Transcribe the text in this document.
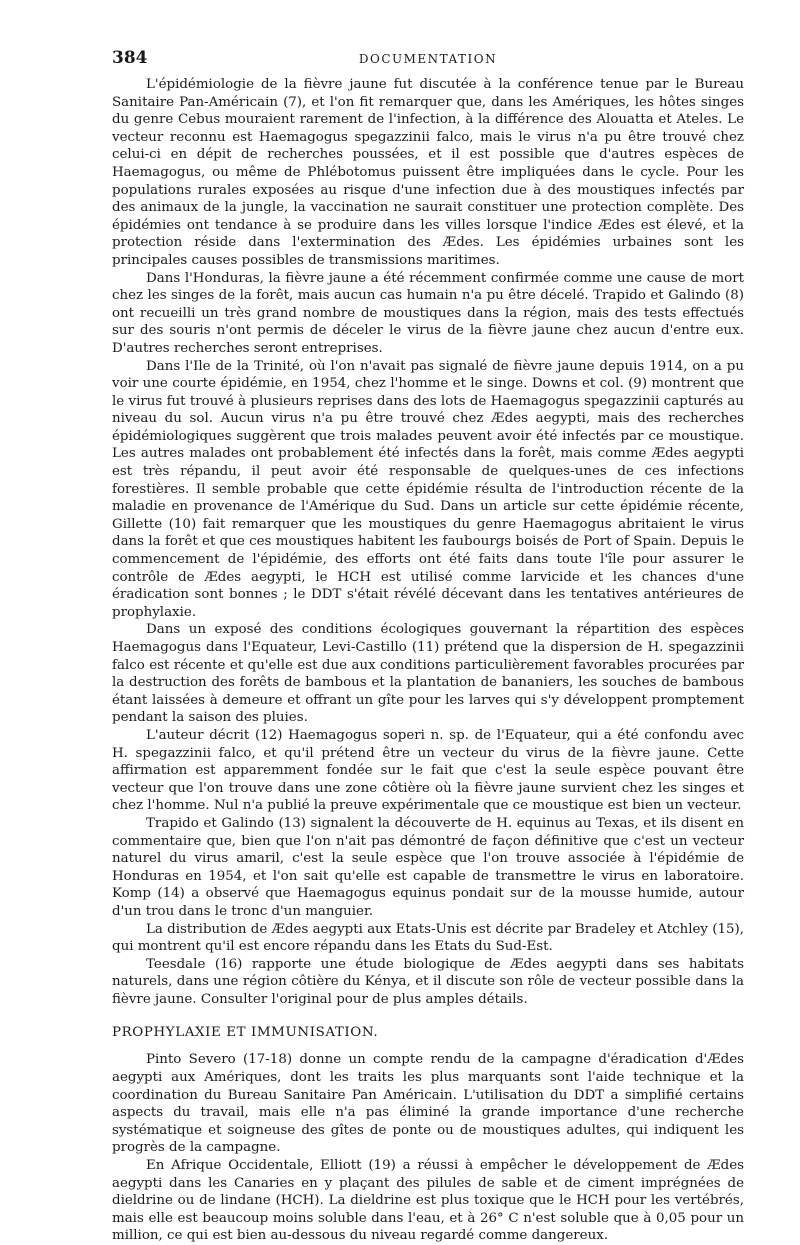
384	DOCUMENTATION

L'épidémiologie de la fièvre jaune fut discutée à la conférence tenue par le Bureau Sanitaire Pan-Américain (7), et l'on fit remarquer que, dans les Amériques, les hôtes singes du genre Cebus mouraient rarement de l'infection, à la différence des Alouatta et Ateles. Le vecteur reconnu est Haemagogus spegazzinii falco, mais le virus n'a pu être trouvé chez celui-ci en dépit de recherches poussées, et il est possible que d'autres espèces de Haemagogus, ou même de Phlébotomus puissent être impliquées dans le cycle. Pour les populations rurales exposées au risque d'une infection due à des moustiques infectés par des animaux de la jungle, la vaccination ne saurait constituer une protection complète. Des épidémies ont tendance à se produire dans les villes lorsque l'indice Ædes est élevé, et la protection réside dans l'extermination des Ædes. Les épidémies urbaines sont les principales causes possibles de transmissions maritimes.

Dans l'Honduras, la fièvre jaune a été récemment confirmée comme une cause de mort chez les singes de la forêt, mais aucun cas humain n'a pu être décelé. Trapido et Galindo (8) ont recueilli un très grand nombre de moustiques dans la région, mais des tests effectués sur des souris n'ont permis de déceler le virus de la fièvre jaune chez aucun d'entre eux. D'autres recherches seront entreprises.

Dans l'Ile de la Trinité, où l'on n'avait pas signalé de fièvre jaune depuis 1914, on a pu voir une courte épidémie, en 1954, chez l'homme et le singe. Downs et col. (9) montrent que le virus fut trouvé à plusieurs reprises dans des lots de Haemagogus spegazzinii capturés au niveau du sol. Aucun virus n'a pu être trouvé chez Ædes aegypti, mais des recherches épidémiologiques suggèrent que trois malades peuvent avoir été infectés par ce moustique. Les autres malades ont probablement été infectés dans la forêt, mais comme Ædes aegypti est très répandu, il peut avoir été responsable de quelques-unes de ces infections forestières. Il semble probable que cette épidémie résulta de l'introduction récente de la maladie en provenance de l'Amérique du Sud. Dans un article sur cette épidémie récente, Gillette (10) fait remarquer que les moustiques du genre Haemagogus abritaient le virus dans la forêt et que ces moustiques habitent les faubourgs boisés de Port of Spain. Depuis le commencement de l'épidémie, des efforts ont été faits dans toute l'île pour assurer le contrôle de Ædes aegypti, le HCH est utilisé comme larvicide et les chances d'une éradication sont bonnes ; le DDT s'était révélé décevant dans les tentatives antérieures de prophylaxie.

Dans un exposé des conditions écologiques gouvernant la répartition des espèces Haemagogus dans l'Equateur, Levi-Castillo (11) prétend que la dispersion de H. spegazzinii falco est récente et qu'elle est due aux conditions particulièrement favorables procurées par la destruction des forêts de bambous et la plantation de bananiers, les souches de bambous étant laissées à demeure et offrant un gîte pour les larves qui s'y développent promptement pendant la saison des pluies.

L'auteur décrit (12) Haemagogus soperi n. sp. de l'Equateur, qui a été confondu avec H. spegazzinii falco, et qu'il prétend être un vecteur du virus de la fièvre jaune. Cette affirmation est apparemment fondée sur le fait que c'est la seule espèce pouvant être vecteur que l'on trouve dans une zone côtière où la fièvre jaune survient chez les singes et chez l'homme. Nul n'a publié la preuve expérimentale que ce moustique est bien un vecteur.

Trapido et Galindo (13) signalent la découverte de H. equinus au Texas, et ils disent en commentaire que, bien que l'on n'ait pas démontré de façon définitive que c'est un vecteur naturel du virus amaril, c'est la seule espèce que l'on trouve associée à l'épidémie de Honduras en 1954, et l'on sait qu'elle est capable de transmettre le virus en laboratoire. Komp (14) a observé que Haemagogus equinus pondait sur de la mousse humide, autour d'un trou dans le tronc d'un manguier.

La distribution de Ædes aegypti aux Etats-Unis est décrite par Bradeley et Atchley (15), qui montrent qu'il est encore répandu dans les Etats du Sud-Est.

Teesdale (16) rapporte une étude biologique de Ædes aegypti dans ses habitats naturels, dans une région côtière du Kénya, et il discute son rôle de vecteur possible dans la fièvre jaune. Consulter l'original pour de plus amples détails.

PROPHYLAXIE ET IMMUNISATION.

Pinto Severo (17-18) donne un compte rendu de la campagne d'éradication d'Ædes aegypti aux Amériques, dont les traits les plus marquants sont l'aide technique et la coordination du Bureau Sanitaire Pan Américain. L'utilisation du DDT a simplifié certains aspects du travail, mais elle n'a pas éliminé la grande importance d'une recherche systématique et soigneuse des gîtes de ponte ou de moustiques adultes, qui indiquent les progrès de la campagne.

En Afrique Occidentale, Elliott (19) a réussi à empêcher le développement de Ædes aegypti dans les Canaries en y plaçant des pilules de sable et de ciment imprégnées de dieldrine ou de lindane (HCH). La dieldrine est plus toxique que le HCH pour les vertébrés, mais elle est beaucoup moins soluble dans l'eau, et à 26° C n'est soluble que à 0,05 pour un million, ce qui est bien au-dessous du niveau regardé comme dangereux.
